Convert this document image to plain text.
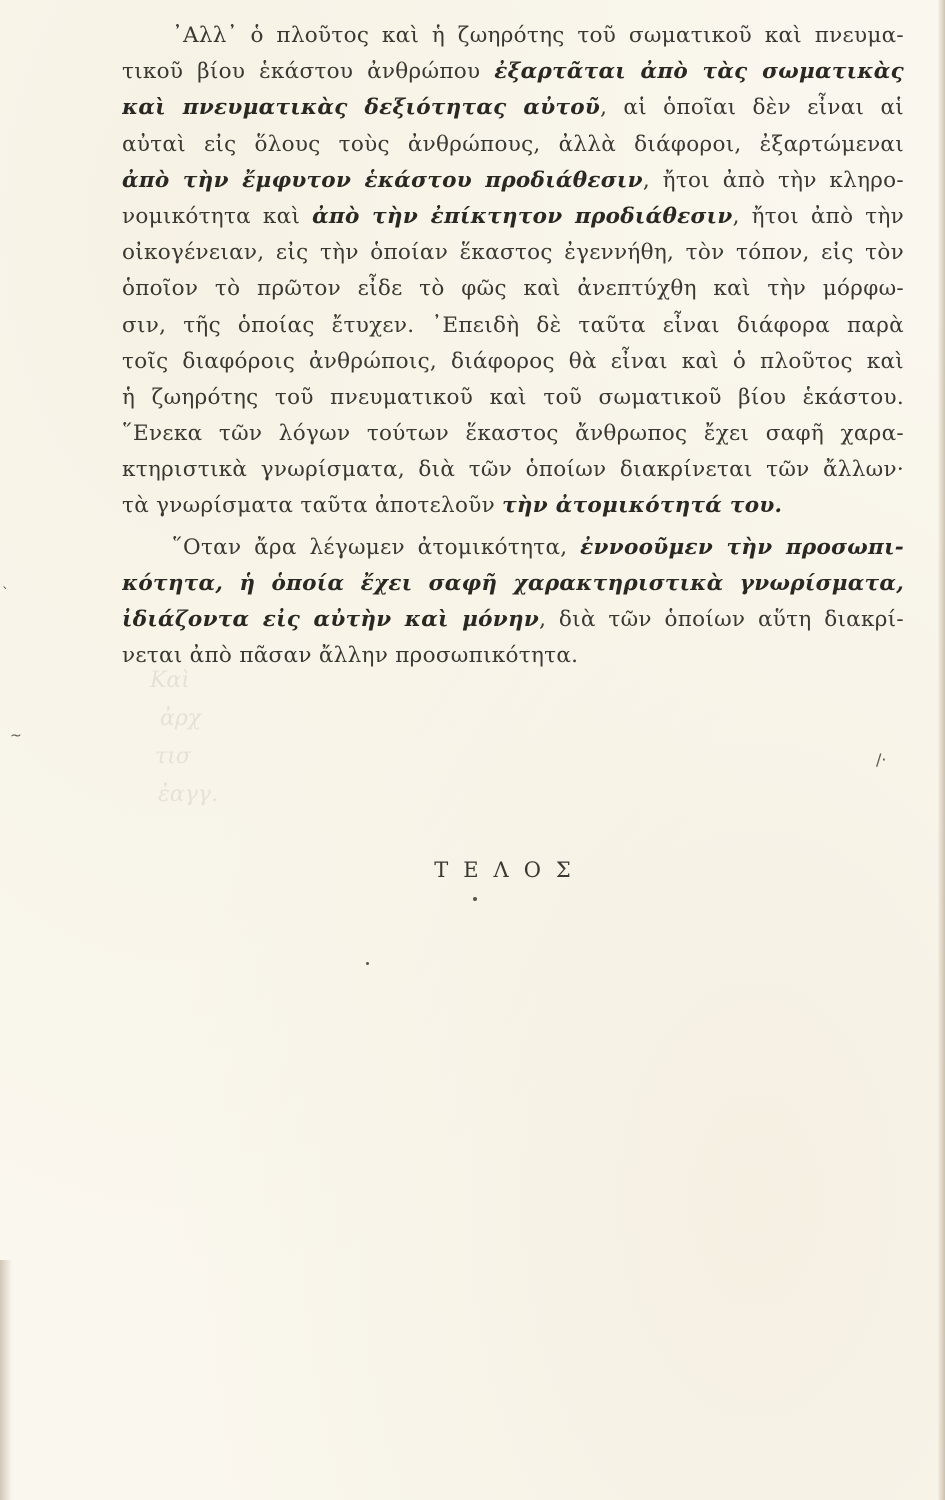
᾿Αλλ᾿ ὁ πλοῦτος καὶ ἡ ζωηρότης τοῦ σωματικοῦ καὶ πνευμα-
τικοῦ βίου ἑκάστου ἀνθρώπου ἐξαρτᾶται ἀπὸ τὰς σωματικὰς
καὶ πνευματικὰς δεξιότητας αὐτοῦ, αἱ ὁποῖαι δὲν εἶναι αἱ
αὐταὶ εἰς ὅλους τοὺς ἀνθρώπους, ἀλλὰ διάφοροι, ἐξαρτώμεναι
ἀπὸ τὴν ἔμφυτον ἑκάστου προδιάθεσιν, ἤτοι ἀπὸ τὴν κληρο-
νομικότητα καὶ ἀπὸ τὴν ἐπίκτητον προδιάθεσιν, ἤτοι ἀπὸ τὴν
οἰκογένειαν, εἰς τὴν ὁποίαν ἕκαστος ἐγεννήθη, τὸν τόπον, εἰς τὸν
ὁποῖον τὸ πρῶτον εἶδε τὸ φῶς καὶ ἀνεπτύχθη καὶ τὴν μόρφω-
σιν, τῆς ὁποίας ἔτυχεν. ᾿Επειδὴ δὲ ταῦτα εἶναι διάφορα παρὰ
τοῖς διαφόροις ἀνθρώποις, διάφορος θὰ εἶναι καὶ ὁ πλοῦτος καὶ
ἡ ζωηρότης τοῦ πνευματικοῦ καὶ τοῦ σωματικοῦ βίου ἑκάστου.
῞Ενεκα τῶν λόγων τούτων ἕκαστος ἄνθρωπος ἔχει σαφῆ χαρα-
κτηριστικὰ γνωρίσματα, διὰ τῶν ὁποίων διακρίνεται τῶν ἄλλων·
τὰ γνωρίσματα ταῦτα ἀποτελοῦν τὴν ἀτομικότητά του.
῞Οταν ἄρα λέγωμεν ἀτομικότητα, ἐννοοῦμεν τὴν προσωπι-
κότητα, ἡ ὁποία ἔχει σαφῆ χαρακτηριστικὰ γνωρίσματα,
ἰδιάζοντα εἰς αὐτὴν καὶ μόνην, διὰ τῶν ὁποίων αὕτη διακρί-
νεται ἀπὸ πᾶσαν ἄλλην προσωπικότητα.
ΤΕΛΟΣ
/·
`
~
Καὶ
ἀρχ
τισ
ἐαγγ.
